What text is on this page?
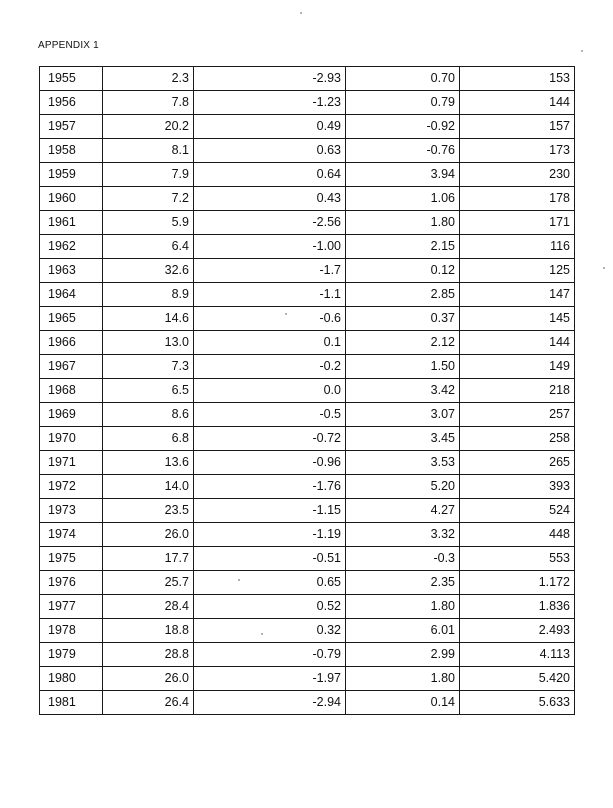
APPENDIX 1
1955	2.3	-2.93	0.70	153
1956	7.8	-1.23	0.79	144
1957	20.2	0.49	-0.92	157
1958	8.1	0.63	-0.76	173
1959	7.9	0.64	3.94	230
1960	7.2	0.43	1.06	178
1961	5.9	-2.56	1.80	171
1962	6.4	-1.00	2.15	116
1963	32.6	-1.7	0.12	125
1964	8.9	-1.1	2.85	147
1965	14.6	-0.6	0.37	145
1966	13.0	0.1	2.12	144
1967	7.3	-0.2	1.50	149
1968	6.5	0.0	3.42	218
1969	8.6	-0.5	3.07	257
1970	6.8	-0.72	3.45	258
1971	13.6	-0.96	3.53	265
1972	14.0	-1.76	5.20	393
1973	23.5	-1.15	4.27	524
1974	26.0	-1.19	3.32	448
1975	17.7	-0.51	-0.3	553
1976	25.7	0.65	2.35	1.172
1977	28.4	0.52	1.80	1.836
1978	18.8	0.32	6.01	2.493
1979	28.8	-0.79	2.99	4.113
1980	26.0	-1.97	1.80	5.420
1981	26.4	-2.94	0.14	5.633
